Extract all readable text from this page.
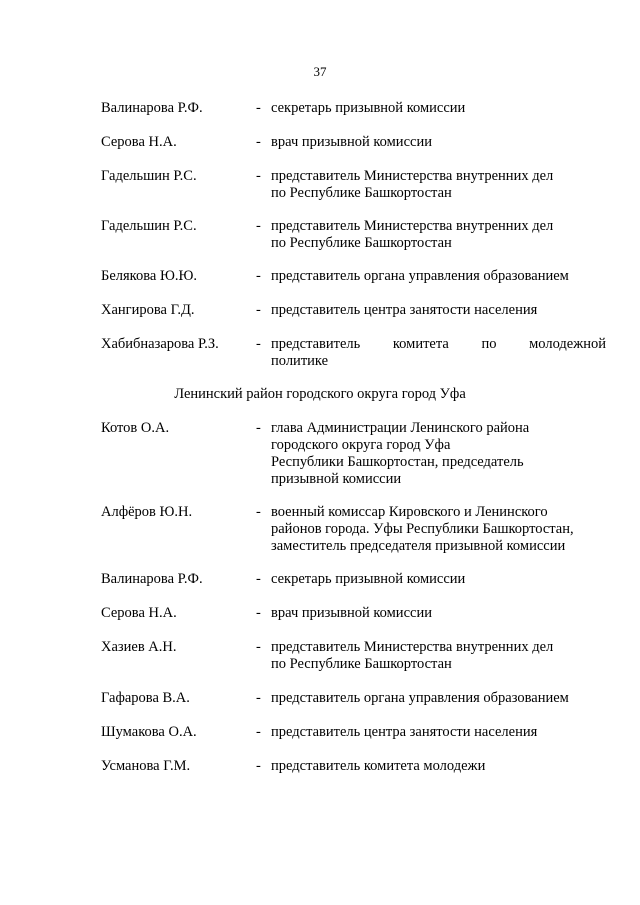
37
Валинарова Р.Ф.	- секретарь призывной комиссии
Серова Н.А.	- врач призывной комиссии
Гадельшин Р.С.	- представитель Министерства внутренних дел
по Республике Башкортостан
Гадельшин Р.С.	- представитель Министерства внутренних дел
по Республике Башкортостан
Белякова Ю.Ю.	- представитель органа управления образованием
Хангирова Г.Д.	- представитель центра занятости населения
Хабибназарова Р.З.	- представитель комитета по молодежной
политике
Ленинский район городского округа город Уфа
Котов О.А.	- глава Администрации Ленинского района
городского округа город Уфа
Республики Башкортостан, председатель
призывной комиссии
Алфёров Ю.Н.	- военный комиссар Кировского и Ленинского
районов города. Уфы Республики Башкортостан,
заместитель председателя призывной комиссии
Валинарова Р.Ф.	- секретарь призывной комиссии
Серова Н.А.	- врач призывной комиссии
Хазиев А.Н.	- представитель Министерства внутренних дел
по Республике Башкортостан
Гафарова В.А.	- представитель органа управления образованием
Шумакова О.А.	- представитель центра занятости населения
Усманова Г.М.	- представитель комитета молодежи
